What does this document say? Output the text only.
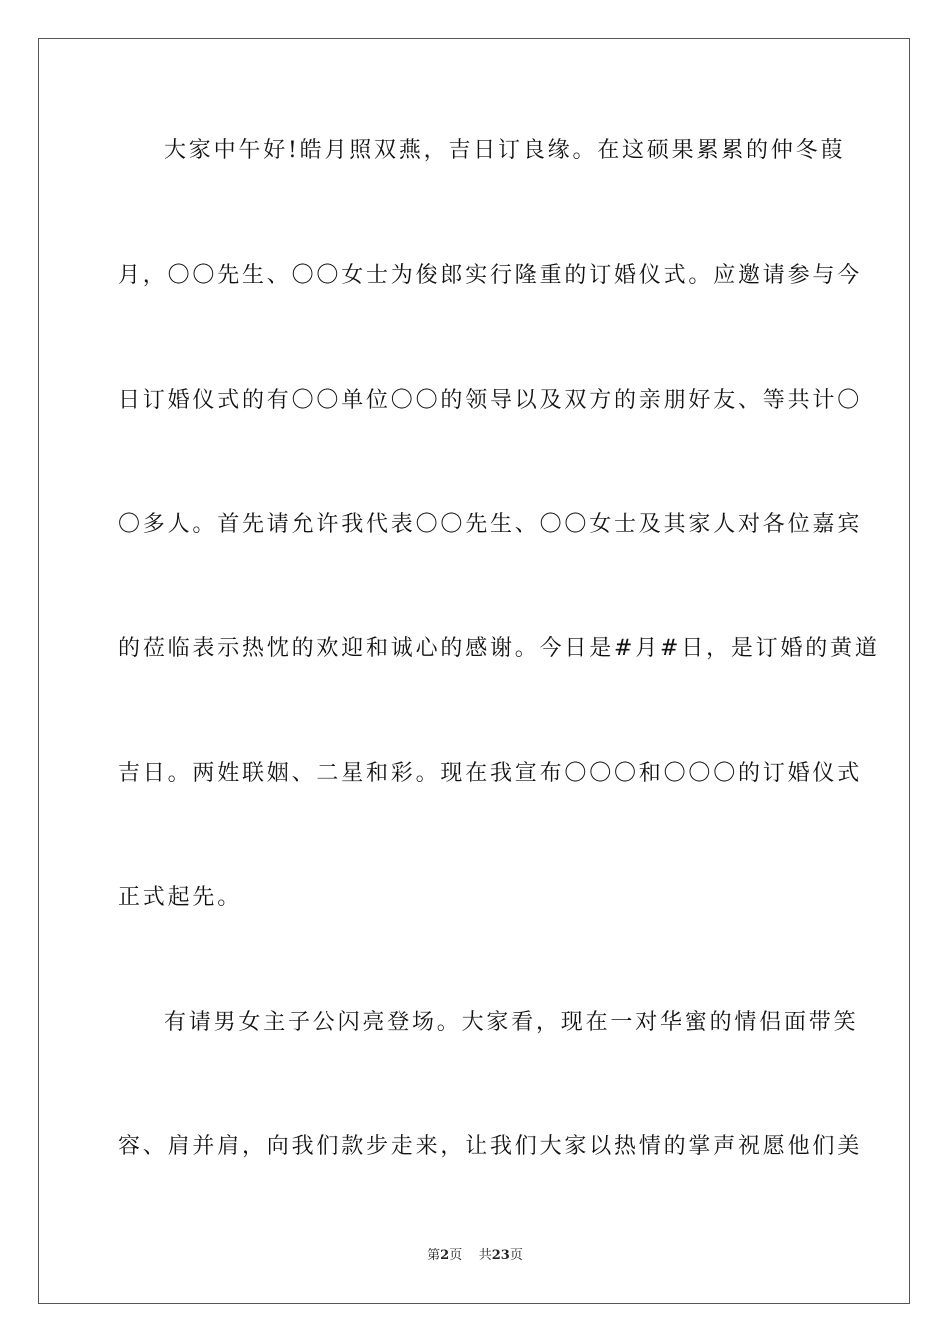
大家中午好!皓月照双燕，吉日订良缘。在这硕果累累的仲冬葭
月，〇〇先生、〇〇女士为俊郎实行隆重的订婚仪式。应邀请参与今
日订婚仪式的有〇〇单位〇〇的领导以及双方的亲朋好友、等共计〇
〇多人。首先请允许我代表〇〇先生、〇〇女士及其家人对各位嘉宾
的莅临表示热忱的欢迎和诚心的感谢。今日是#月#日，是订婚的黄道
吉日。两姓联姻、二星和彩。现在我宣布〇〇〇和〇〇〇的订婚仪式
正式起先。
有请男女主子公闪亮登场。大家看，现在一对华蜜的情侣面带笑
容、肩并肩，向我们款步走来，让我们大家以热情的掌声祝愿他们美
第2页 共23页
